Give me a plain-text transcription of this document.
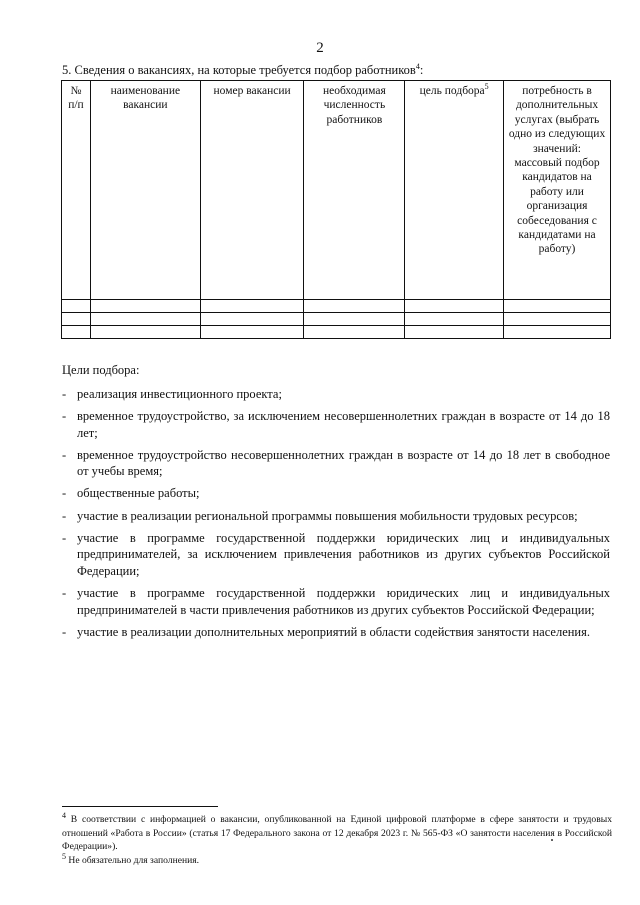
2
5. Сведения о вакансиях, на которые требуется подбор работников$^4$:
№ п/п	наименование вакансии	номер вакансии	необходимая численность работников	цель подбора$^5$	потребность в дополнительных услугах (выбрать одно из следующих значений: массовый подбор кандидатов на работу или организация собеседования с кандидатами на работу)

Цели подбора:
- реализация инвестиционного проекта;
- временное трудоустройство, за исключением несовершеннолетних граждан в возрасте от 14 до 18 лет;
- временное трудоустройство несовершеннолетних граждан в возрасте от 14 до 18 лет в свободное от учебы время;
- общественные работы;
- участие в реализации региональной программы повышения мобильности трудовых ресурсов;
- участие в программе государственной поддержки юридических лиц и индивидуальных предпринимателей, за исключением привлечения работников из других субъектов Российской Федерации;
- участие в программе государственной поддержки юридических лиц и индивидуальных предпринимателей в части привлечения работников из других субъектов Российской Федерации;
- участие в реализации дополнительных мероприятий в области содействия занятости населения.

$^4$ В соответствии с информацией о вакансии, опубликованной на Единой цифровой платформе в сфере занятости и трудовых отношений «Работа в России» (статья 17 Федерального закона от 12 декабря 2023 г. № 565-ФЗ «О занятости населения в Российской Федерации»).

$^5$ Не обязательно для заполнения.
